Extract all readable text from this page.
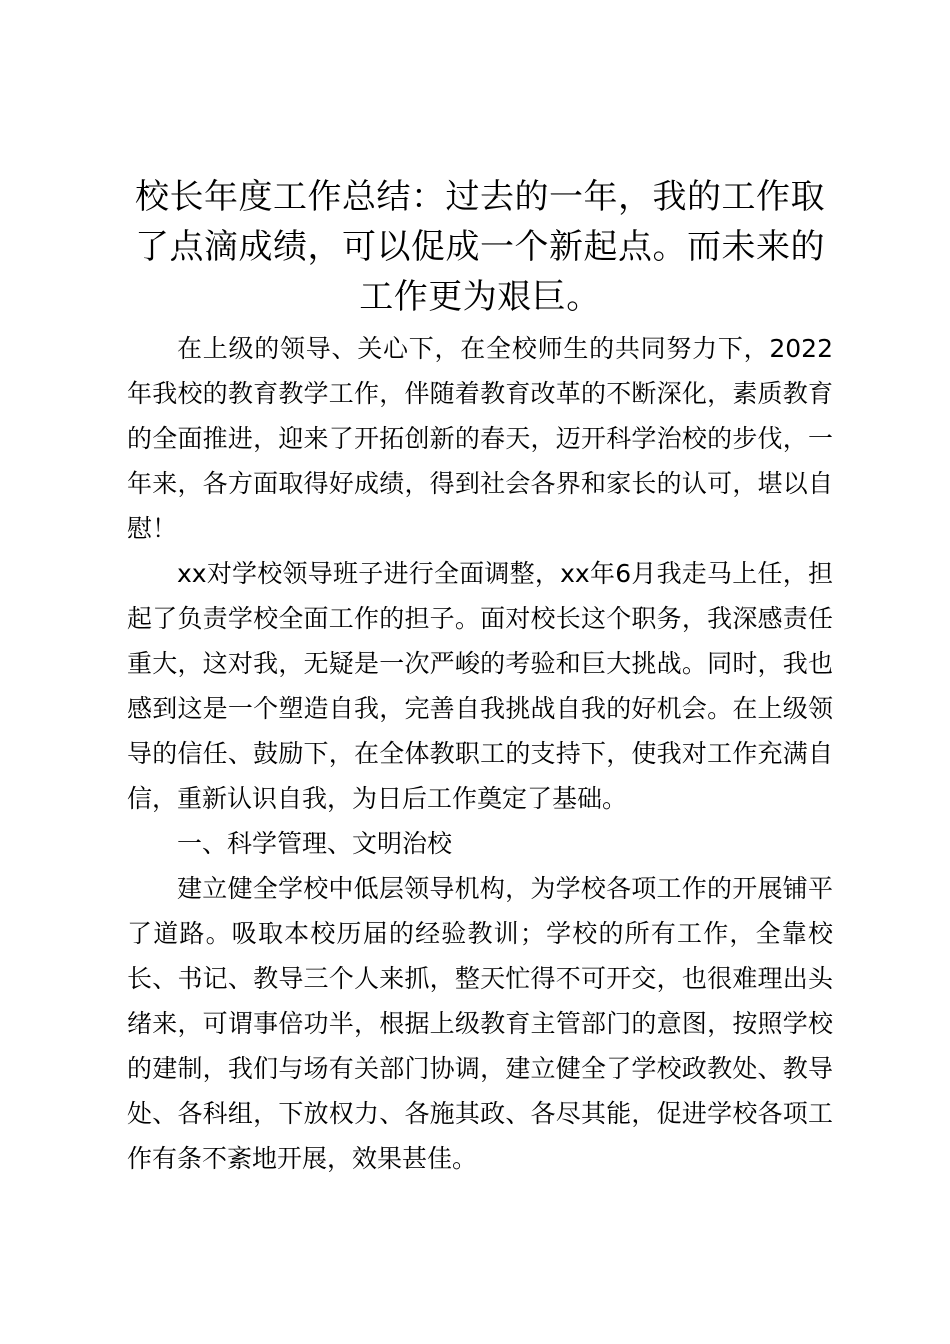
校长年度工作总结：过去的一年，我的工作取了点滴成绩，可以促成一个新起点。而未来的工作更为艰巨。

在上级的领导、关心下，在全校师生的共同努力下，2022年我校的教育教学工作，伴随着教育改革的不断深化，素质教育的全面推进，迎来了开拓创新的春天，迈开科学治校的步伐，一年来，各方面取得好成绩，得到社会各界和家长的认可，堪以自慰！

xx对学校领导班子进行全面调整，xx年6月我走马上任，担起了负责学校全面工作的担子。面对校长这个职务，我深感责任重大，这对我，无疑是一次严峻的考验和巨大挑战。同时，我也感到这是一个塑造自我，完善自我挑战自我的好机会。在上级领导的信任、鼓励下，在全体教职工的支持下，使我对工作充满自信，重新认识自我，为日后工作奠定了基础。

一、科学管理、文明治校

建立健全学校中低层领导机构，为学校各项工作的开展铺平了道路。吸取本校历届的经验教训；学校的所有工作，全靠校长、书记、教导三个人来抓，整天忙得不可开交，也很难理出头绪来，可谓事倍功半，根据上级教育主管部门的意图，按照学校的建制，我们与场有关部门协调，建立健全了学校政教处、教导处、各科组，下放权力、各施其政、各尽其能，促进学校各项工作有条不紊地开展，效果甚佳。
